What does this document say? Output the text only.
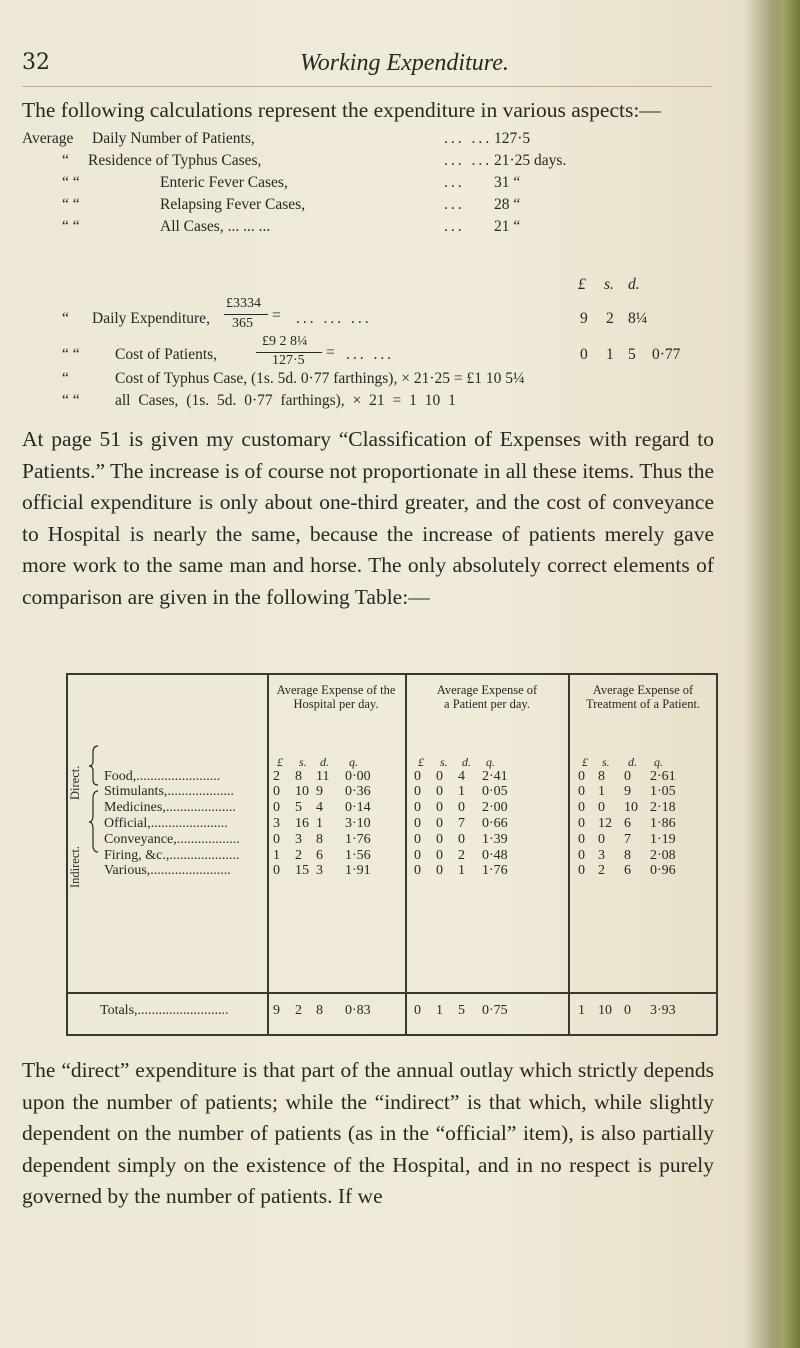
32	Working Expenditure.
The following calculations represent the expenditure in various aspects:—
Average Daily Number of Patients,	... ... 127·5
“ Residence of Typhus Cases,	... ... 21·25 days.
“ “	Enteric Fever Cases,	... 31 “
“ “	Relapsing Fever Cases,	... 28 “
“ “	All Cases, ... ... ...	... 21 “
£ s. d.
“ Daily Expenditure,
£3334
365 = ... ... ...	9 2 8¼
“ “ Cost of Patients,
£9 2 8¼
127·5 = ... ...	0 1 5 0·77
“	Cost of Typhus Case, (1s. 5d. 0·77 farthings), × 21·25 = £1 10 5¼
“ “ all Cases, (1s. 5d. 0·77 farthings), × 21 = 1 10 1
At page 51 is given my customary “Classification of Expenses with regard to Patients.” The increase is of course not proportionate in all these items. Thus the official expenditure is only about one-third greater, and the cost of conveyance to Hospital is nearly the same, because the increase of patients merely gave more work to the same man and horse. The only absolutely correct elements of comparison are given in the following Table:—
Average Expense of the Hospital per day.
Average Expense of a Patient per day.
Average Expense of Treatment of a Patient.
£ s. d. q.	£ s. d. q.	£ s. d. q.
Food,........................	2 8 11 0·00	0 0 4 2·41	0 8 0 2·61
Stimulants,...................	0 10 9 0·36	0 0 1 0·05	0 1 9 1·05
Medicines,....................	0 5 4 0·14	0 0 0 2·00	0 0 10 2·18
Official,......................	3 16 1 3·10	0 0 7 0·66	0 12 6 1·86
Conveyance,.................. 0 3 8 1·76	0 0 0 1·39	0 0 7 1·19
Firing, &c.,.................... 1 2 6 1·56	0 0 2 0·48	0 3 8 2·08
Various,.......................	0 15 3 1·91	0 0 1 1·76	0 2 6 0·96
Totals,..........................	9 2 8 0·83	0 1 5 0·75	1 10 0 3·93
Direct.
Indirect.
The “direct” expenditure is that part of the annual outlay which strictly depends upon the number of patients; while the “indirect” is that which, while slightly dependent on the number of patients (as in the “official” item), is also partially dependent simply on the existence of the Hospital, and in no respect is purely governed by the number of patients. If we
